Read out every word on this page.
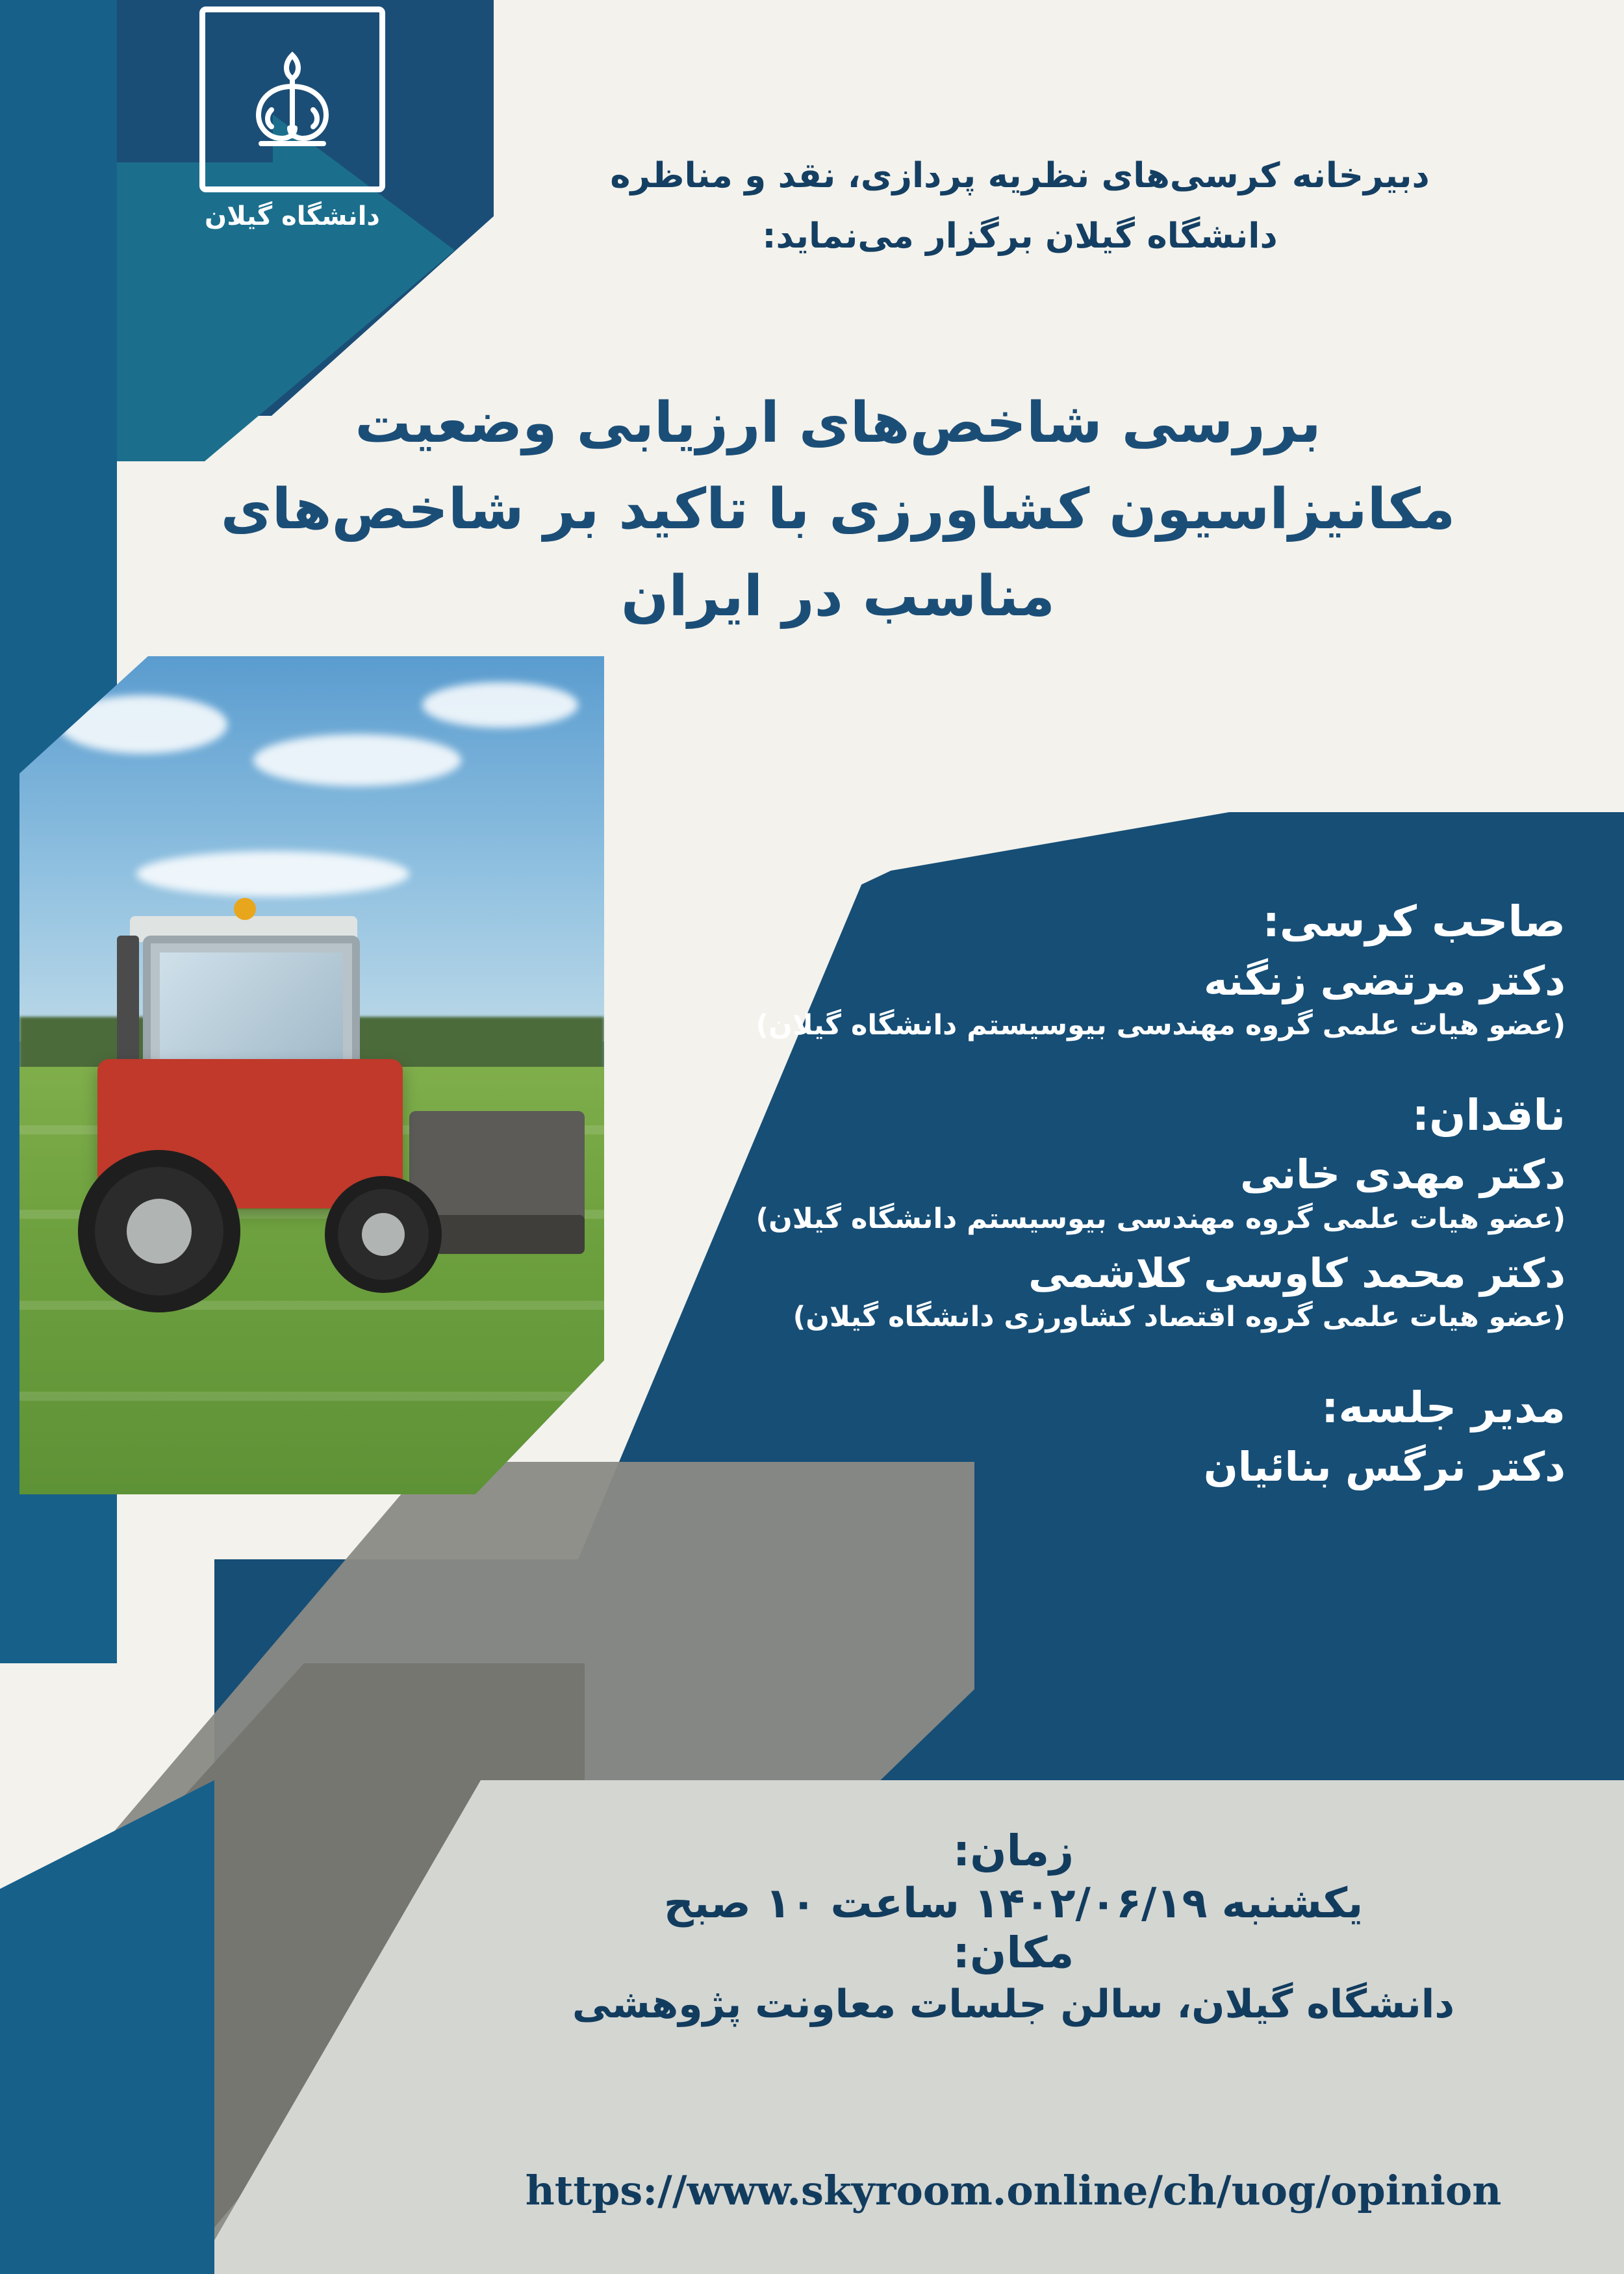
دانشگاه گیلان
دبیرخانه کرسی‌های نظریه پردازی، نقد و مناظره
دانشگاه گیلان برگزار می‌نماید:
بررسی شاخص‌های ارزیابی وضعیت
مکانیزاسیون کشاورزی با تاکید بر شاخص‌های
مناسب در ایران

صاحب کرسی:

دکتر مرتضی زنگنه

(عضو هیات علمی گروه مهندسی بیوسیستم دانشگاه گیلان)

ناقدان:

دکتر مهدی خانی

(عضو هیات علمی گروه مهندسی بیوسیستم دانشگاه گیلان)

دکتر محمد کاوسی کلاشمی

(عضو هیات علمی گروه اقتصاد کشاورزی دانشگاه گیلان)

مدیر جلسه:

دکتر نرگس بنائیان

زمان:

یکشنبه ۱۴۰۲/۰۶/۱۹ ساعت ۱۰ صبح

مکان:

دانشگاه گیلان، سالن جلسات معاونت پژوهشی

https://www.skyroom.online/ch/uog/opinion
